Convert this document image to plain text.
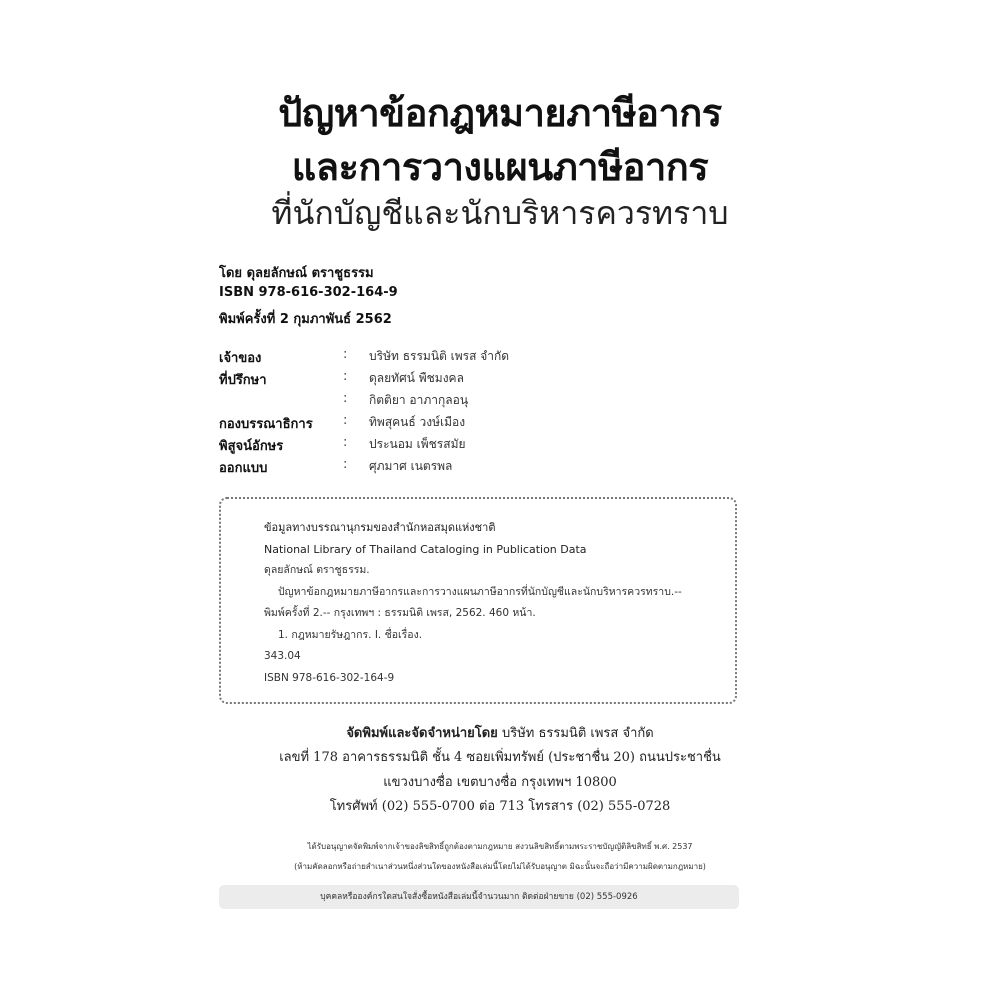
ปัญหาข้อกฎหมายภาษีอากร
และการวางแผนภาษีอากร
ที่นักบัญชีและนักบริหารควรทราบ
โดย ดุลยลักษณ์ ตราชูธรรม
ISBN 978-616-302-164-9
พิมพ์ครั้งที่ 2 กุมภาพันธ์ 2562
เจ้าของ	: บริษัท ธรรมนิติ เพรส จำกัด
ที่ปรึกษา	: ดุลยทัศน์ พืชมงคล
: กิตติยา อาภากุลอนุ
กองบรรณาธิการ : ทิพสุคนธ์ วงษ์เมือง
พิสูจน์อักษร	: ประนอม เพ็ชรสมัย
ออกแบบ	: ศุภมาศ เนตรพล
ข้อมูลทางบรรณานุกรมของสำนักหอสมุดแห่งชาติ
National Library of Thailand Cataloging in Publication Data
ดุลยลักษณ์ ตราชูธรรม.
ปัญหาข้อกฎหมายภาษีอากรและการวางแผนภาษีอากรที่นักบัญชีและนักบริหารควรทราบ.--
พิมพ์ครั้งที่ 2.-- กรุงเทพฯ : ธรรมนิติ เพรส, 2562. 460 หน้า.
1. กฎหมายรัษฎากร. I. ชื่อเรื่อง.
343.04
ISBN 978-616-302-164-9
จัดพิมพ์และจัดจำหน่ายโดย บริษัท ธรรมนิติ เพรส จำกัด
เลขที่ 178 อาคารธรรมนิติ ชั้น 4 ซอยเพิ่มทรัพย์ (ประชาชื่น 20) ถนนประชาชื่น
แขวงบางซื่อ เขตบางซื่อ กรุงเทพฯ 10800
โทรศัพท์ (02) 555-0700 ต่อ 713 โทรสาร (02) 555-0728
ได้รับอนุญาตจัดพิมพ์จากเจ้าของลิขสิทธิ์ถูกต้องตามกฎหมาย สงวนลิขสิทธิ์ตามพระราชบัญญัติลิขสิทธิ์ พ.ศ. 2537
(ห้ามคัดลอกหรือถ่ายสำเนาส่วนหนึ่งส่วนใดของหนังสือเล่มนี้โดยไม่ได้รับอนุญาต มิฉะนั้นจะถือว่ามีความผิดตามกฎหมาย)
บุคคลหรือองค์กรใดสนใจสั่งซื้อหนังสือเล่มนี้จำนวนมาก ติดต่อฝ่ายขาย (02) 555-0926
